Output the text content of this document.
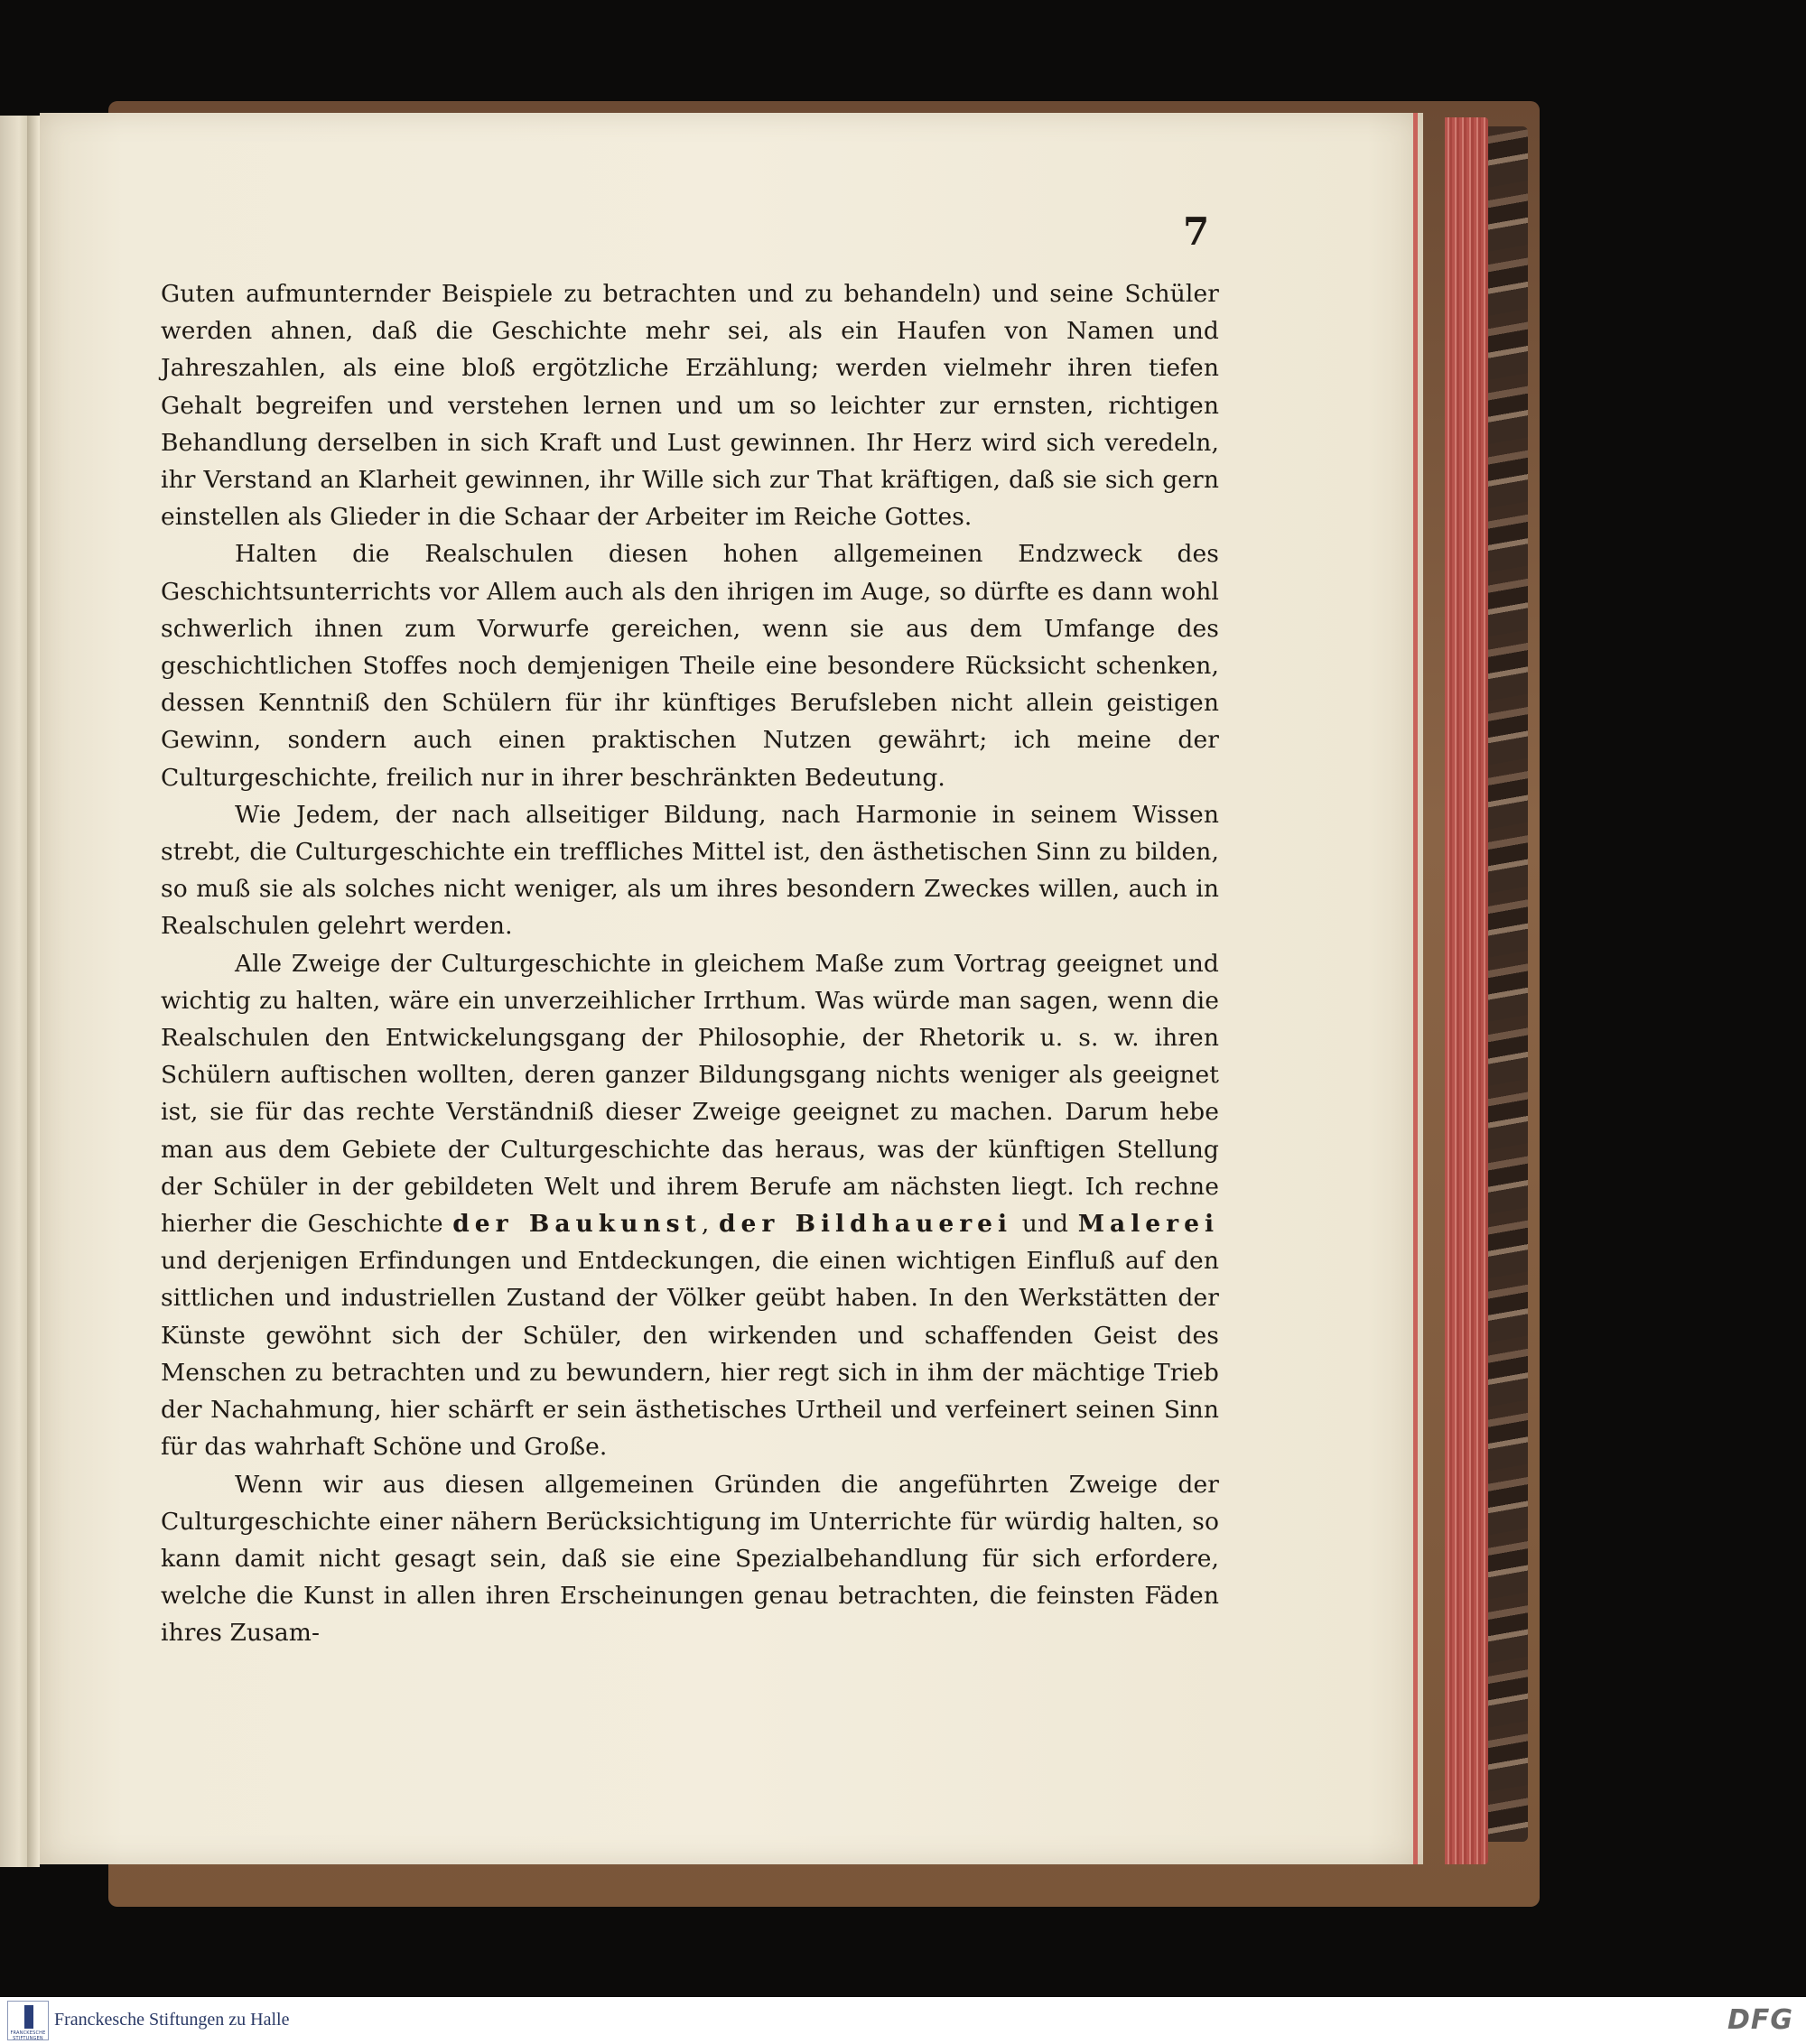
7

Guten aufmunternder Beispiele zu betrachten und zu behandeln) und seine Schüler werden ahnen, daß die Geschichte mehr sei, als ein Haufen von Namen und Jahreszahlen, als eine bloß ergötzliche Erzählung; werden vielmehr ihren tiefen Gehalt begreifen und verstehen lernen und um so leichter zur ernsten, richtigen Behandlung derselben in sich Kraft und Lust gewinnen. Ihr Herz wird sich veredeln, ihr Verstand an Klarheit gewinnen, ihr Wille sich zur That kräftigen, daß sie sich gern einstellen als Glieder in die Schaar der Arbeiter im Reiche Gottes.

Halten die Realschulen diesen hohen allgemeinen Endzweck des Geschichtsunterrichts vor Allem auch als den ihrigen im Auge, so dürfte es dann wohl schwerlich ihnen zum Vorwurfe gereichen, wenn sie aus dem Umfange des geschichtlichen Stoffes noch demjenigen Theile eine besondere Rücksicht schenken, dessen Kenntniß den Schülern für ihr künftiges Berufsleben nicht allein geistigen Gewinn, sondern auch einen praktischen Nutzen gewährt; ich meine der Culturgeschichte, freilich nur in ihrer beschränkten Bedeutung.

Wie Jedem, der nach allseitiger Bildung, nach Harmonie in seinem Wissen strebt, die Culturgeschichte ein treffliches Mittel ist, den ästhetischen Sinn zu bilden, so muß sie als solches nicht weniger, als um ihres besondern Zweckes willen, auch in Realschulen gelehrt werden.

Alle Zweige der Culturgeschichte in gleichem Maße zum Vortrag geeignet und wichtig zu halten, wäre ein unverzeihlicher Irrthum. Was würde man sagen, wenn die Realschulen den Entwickelungsgang der Philosophie, der Rhetorik u. s. w. ihren Schülern auftischen wollten, deren ganzer Bildungsgang nichts weniger als geeignet ist, sie für das rechte Verständniß dieser Zweige geeignet zu machen. Darum hebe man aus dem Gebiete der Culturgeschichte das heraus, was der künftigen Stellung der Schüler in der gebildeten Welt und ihrem Berufe am nächsten liegt. Ich rechne hierher die Geschichte der Baukunst, der Bildhauerei und Malerei und derjenigen Erfindungen und Entdeckungen, die einen wichtigen Einfluß auf den sittlichen und industriellen Zustand der Völker geübt haben. In den Werkstätten der Künste gewöhnt sich der Schüler, den wirkenden und schaffenden Geist des Menschen zu betrachten und zu bewundern, hier regt sich in ihm der mächtige Trieb der Nachahmung, hier schärft er sein ästhetisches Urtheil und verfeinert seinen Sinn für das wahrhaft Schöne und Große.

Wenn wir aus diesen allgemeinen Gründen die angeführten Zweige der Culturgeschichte einer nähern Berücksichtigung im Unterrichte für würdig halten, so kann damit nicht gesagt sein, daß sie eine Spezialbehandlung für sich erfordere, welche die Kunst in allen ihren Erscheinungen genau betrachten, die feinsten Fäden ihres Zusam-

FRANCKESCHE STIFTUNGEN
Franckesche Stiftungen zu Halle	DFG
